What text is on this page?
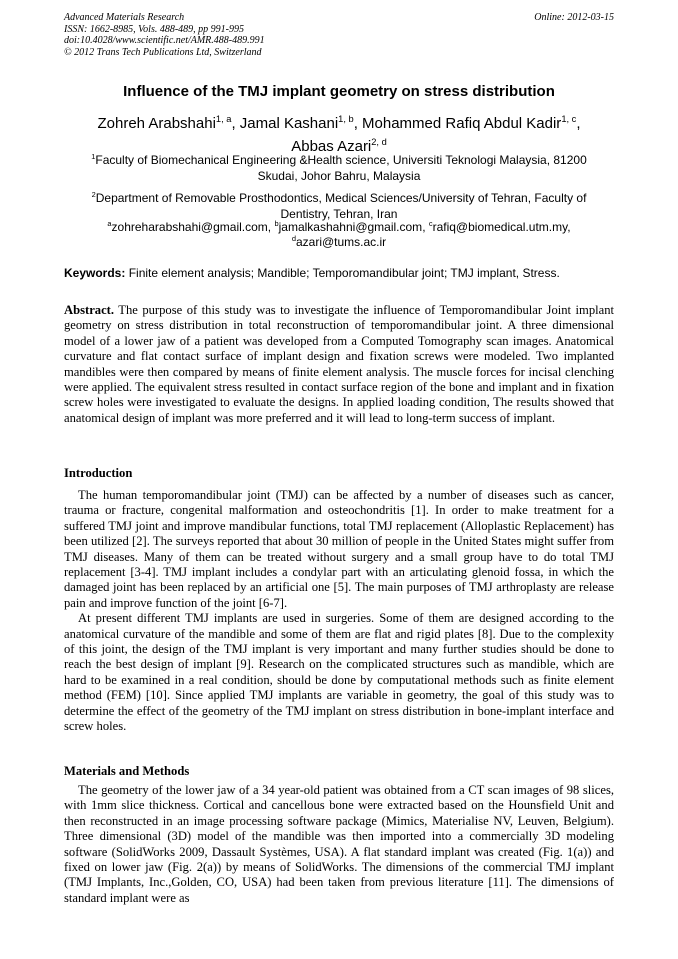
Advanced Materials Research
ISSN: 1662-8985, Vols. 488-489, pp 991-995
doi:10.4028/www.scientific.net/AMR.488-489.991
© 2012 Trans Tech Publications Ltd, Switzerland
Online: 2012-03-15
Influence of the TMJ implant geometry on stress distribution
Zohreh Arabshahi$^{1, a}$, Jamal Kashani$^{1, b}$, Mohammed Rafiq Abdul Kadir$^{1, c}$,
Abbas Azari$^{2, d}$
$^1$Faculty of Biomechanical Engineering &Health science, Universiti Teknologi Malaysia, 81200 Skudai, Johor Bahru, Malaysia
$^2$Department of Removable Prosthodontics, Medical Sciences/University of Tehran, Faculty of Dentistry, Tehran, Iran
$^a$zohreharabshahi@gmail.com, $^b$jamalkashahni@gmail.com, $^c$rafiq@biomedical.utm.my,
$^d$azari@tums.ac.ir
Keywords: Finite element analysis; Mandible; Temporomandibular joint; TMJ implant, Stress.
Abstract. The purpose of this study was to investigate the influence of Temporomandibular Joint implant geometry on stress distribution in total reconstruction of temporomandibular joint. A three dimensional model of a lower jaw of a patient was developed from a Computed Tomography scan images. Anatomical curvature and flat contact surface of implant design and fixation screws were modeled. Two implanted mandibles were then compared by means of finite element analysis. The muscle forces for incisal clenching were applied. The equivalent stress resulted in contact surface region of the bone and implant and in fixation screw holes were investigated to evaluate the designs. In applied loading condition, The results showed that anatomical design of implant was more preferred and it will lead to long-term success of implant.
Introduction

The human temporomandibular joint (TMJ) can be affected by a number of diseases such as cancer, trauma or fracture, congenital malformation and osteochondritis [1]. In order to make treatment for a suffered TMJ joint and improve mandibular functions, total TMJ replacement (Alloplastic Replacement) has been utilized [2]. The surveys reported that about 30 million of people in the United States might suffer from TMJ diseases. Many of them can be treated without surgery and a small group have to do total TMJ replacement [3-4]. TMJ implant includes a condylar part with an articulating glenoid fossa, in which the damaged joint has been replaced by an artificial one [5]. The main purposes of TMJ arthroplasty are release pain and improve function of the joint [6-7].

At present different TMJ implants are used in surgeries. Some of them are designed according to the anatomical curvature of the mandible and some of them are flat and rigid plates [8]. Due to the complexity of this joint, the design of the TMJ implant is very important and many further studies should be done to reach the best design of implant [9]. Research on the complicated structures such as mandible, which are hard to be examined in a real condition, should be done by computational methods such as finite element method (FEM) [10]. Since applied TMJ implants are variable in geometry, the goal of this study was to determine the effect of the geometry of the TMJ implant on stress distribution in bone-implant interface and screw holes.

Materials and Methods

The geometry of the lower jaw of a 34 year-old patient was obtained from a CT scan images of 98 slices, with 1mm slice thickness. Cortical and cancellous bone were extracted based on the Hounsfield Unit and then reconstructed in an image processing software package (Mimics, Materialise NV, Leuven, Belgium). Three dimensional (3D) model of the mandible was then imported into a commercially 3D modeling software (SolidWorks 2009, Dassault Systèmes, USA). A flat standard implant was created (Fig. 1(a)) and fixed on lower jaw (Fig. 2(a)) by means of SolidWorks. The dimensions of the commercial TMJ implant (TMJ Implants, Inc.,Golden, CO, USA) had been taken from previous literature [11]. The dimensions of standard implant were as
